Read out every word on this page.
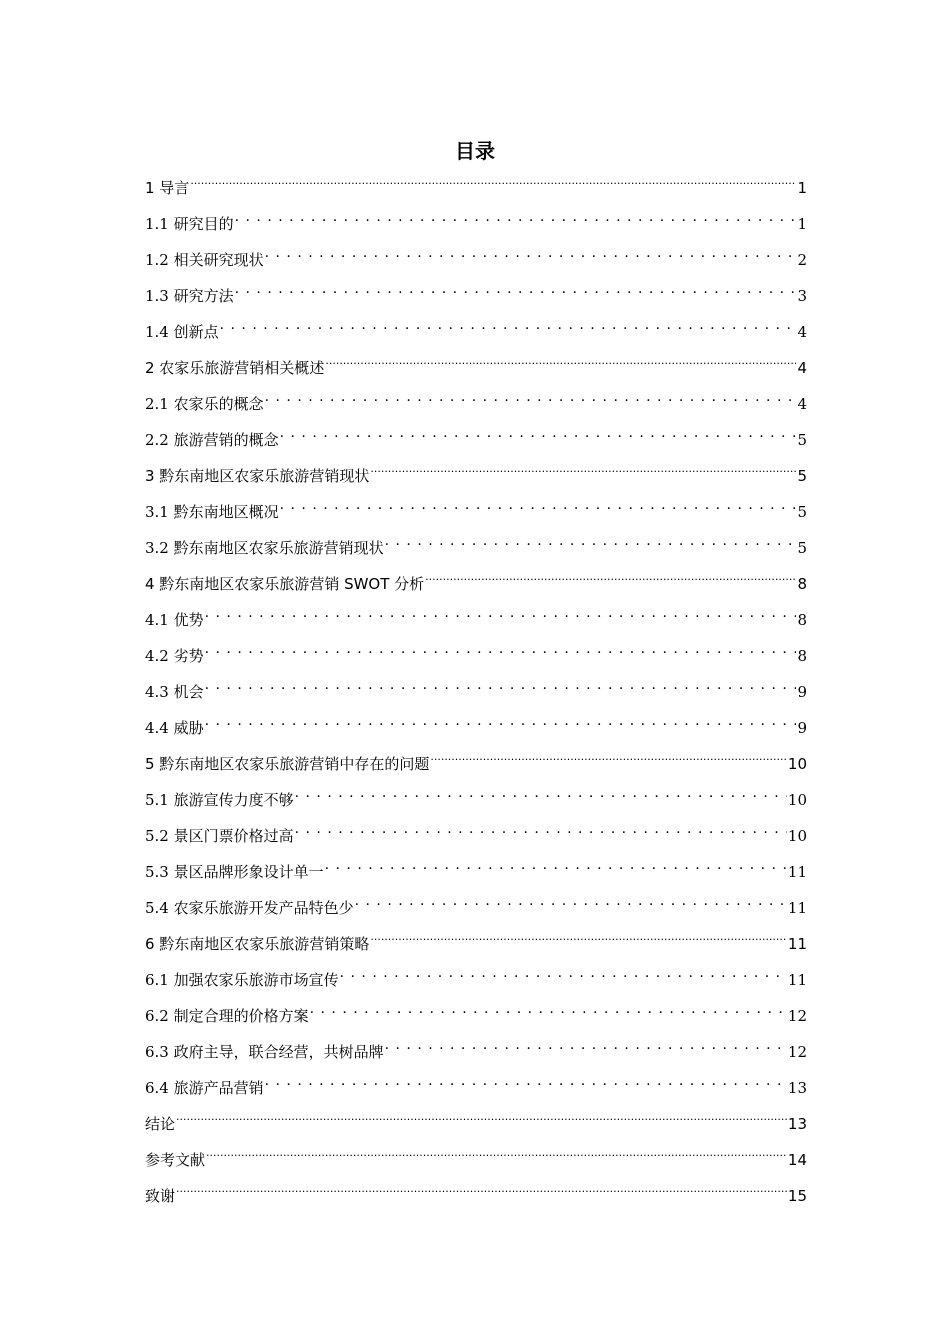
目录
1 导言 .....	1
1.1 研究目的 . . .	1
1.2 相关研究现状 . . .	2
1.3 研究方法 . . .	3
1.4 创新点 . . .	4
2 农家乐旅游营销相关概述 .....	4
2.1 农家乐的概念 . . .	4
2.2 旅游营销的概念 . . .	5
3 黔东南地区农家乐旅游营销现状 .....	5
3.1 黔东南地区概况 . . .	5
3.2 黔东南地区农家乐旅游营销现状 . . .	5
4 黔东南地区农家乐旅游营销 SWOT 分析 .....	8
4.1 优势 . . .	8
4.2 劣势 . . .	8
4.3 机会 . . .	9
4.4 威胁 . . .	9
5 黔东南地区农家乐旅游营销中存在的问题 .....	10
5.1 旅游宣传力度不够 . . .	10
5.2 景区门票价格过高 . . .	10
5.3 景区品牌形象设计单一 . . .	11
5.4 农家乐旅游开发产品特色少 . . .	11
6 黔东南地区农家乐旅游营销策略 .....	11
6.1 加强农家乐旅游市场宣传 . . .	11
6.2 制定合理的价格方案 . . .	12
6.3 政府主导，联合经营，共树品牌 . . .	12
6.4 旅游产品营销 . . .	13
结论 .....	13
参考文献 .....	14
致谢 .....	15
